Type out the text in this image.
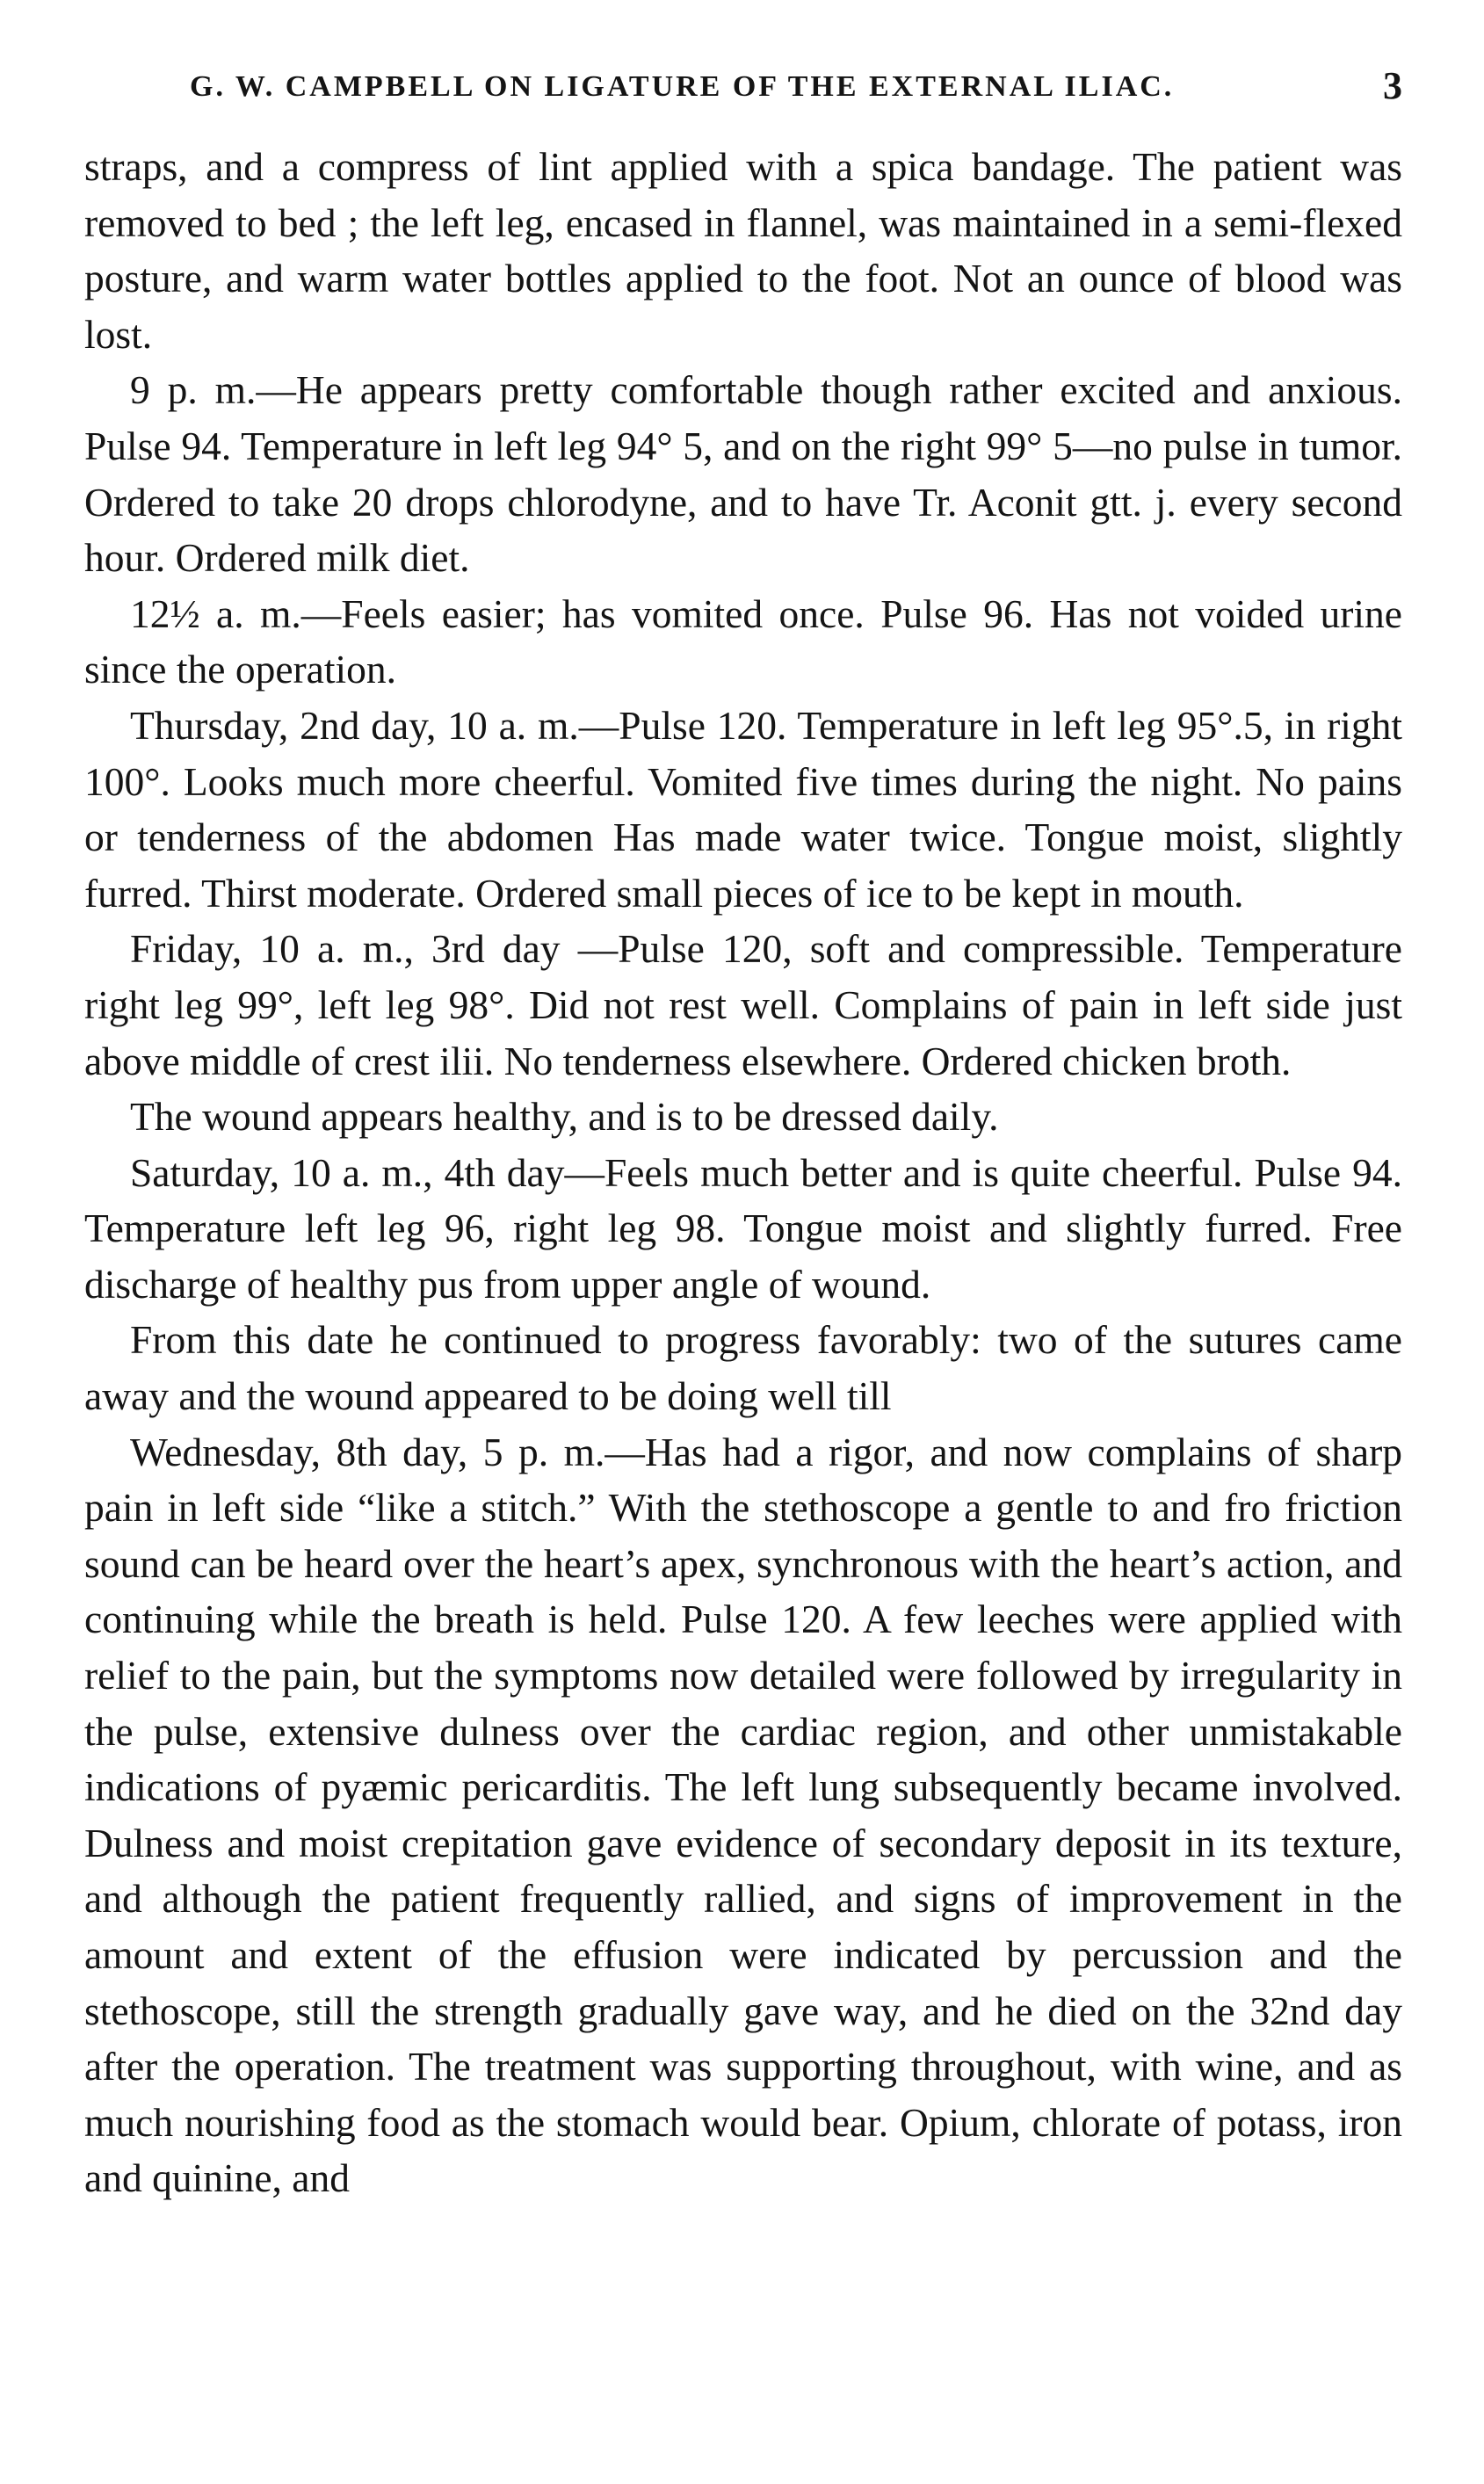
G. W. CAMPBELL ON LIGATURE OF THE EXTERNAL ILIAC.	3

straps, and a compress of lint applied with a spica bandage. The patient was removed to bed ; the left leg, encased in flannel, was maintained in a semi-flexed posture, and warm water bottles applied to the foot. Not an ounce of blood was lost.

9 p. m.—He appears pretty comfortable though rather excited and anxious. Pulse 94. Temperature in left leg 94° 5, and on the right 99° 5—no pulse in tumor. Ordered to take 20 drops chlorodyne, and to have Tr. Aconit gtt. j. every second hour. Ordered milk diet.

12½ a. m.—Feels easier; has vomited once. Pulse 96. Has not voided urine since the operation.

Thursday, 2nd day, 10 a. m.—Pulse 120. Temperature in left leg 95°.5, in right 100°. Looks much more cheerful. Vomited five times during the night. No pains or tenderness of the abdomen Has made water twice. Tongue moist, slightly furred. Thirst moderate. Ordered small pieces of ice to be kept in mouth.

Friday, 10 a. m., 3rd day —Pulse 120, soft and compressible. Temperature right leg 99°, left leg 98°. Did not rest well. Complains of pain in left side just above middle of crest ilii. No tenderness elsewhere. Ordered chicken broth.

The wound appears healthy, and is to be dressed daily.

Saturday, 10 a. m., 4th day—Feels much better and is quite cheerful. Pulse 94. Temperature left leg 96, right leg 98. Tongue moist and slightly furred. Free discharge of healthy pus from upper angle of wound.

From this date he continued to progress favorably: two of the sutures came away and the wound appeared to be doing well till

Wednesday, 8th day, 5 p. m.—Has had a rigor, and now complains of sharp pain in left side “like a stitch.” With the stethoscope a gentle to and fro friction sound can be heard over the heart’s apex, synchronous with the heart’s action, and continuing while the breath is held. Pulse 120. A few leeches were applied with relief to the pain, but the symptoms now detailed were followed by irregularity in the pulse, extensive dulness over the cardiac region, and other unmistakable indications of pyæmic pericarditis. The left lung subsequently became involved. Dulness and moist crepitation gave evidence of secondary deposit in its texture, and although the patient frequently rallied, and signs of improvement in the amount and extent of the effusion were indicated by percussion and the stethoscope, still the strength gradually gave way, and he died on the 32nd day after the operation. The treatment was supporting throughout, with wine, and as much nourishing food as the stomach would bear. Opium, chlorate of potass, iron and quinine, and
